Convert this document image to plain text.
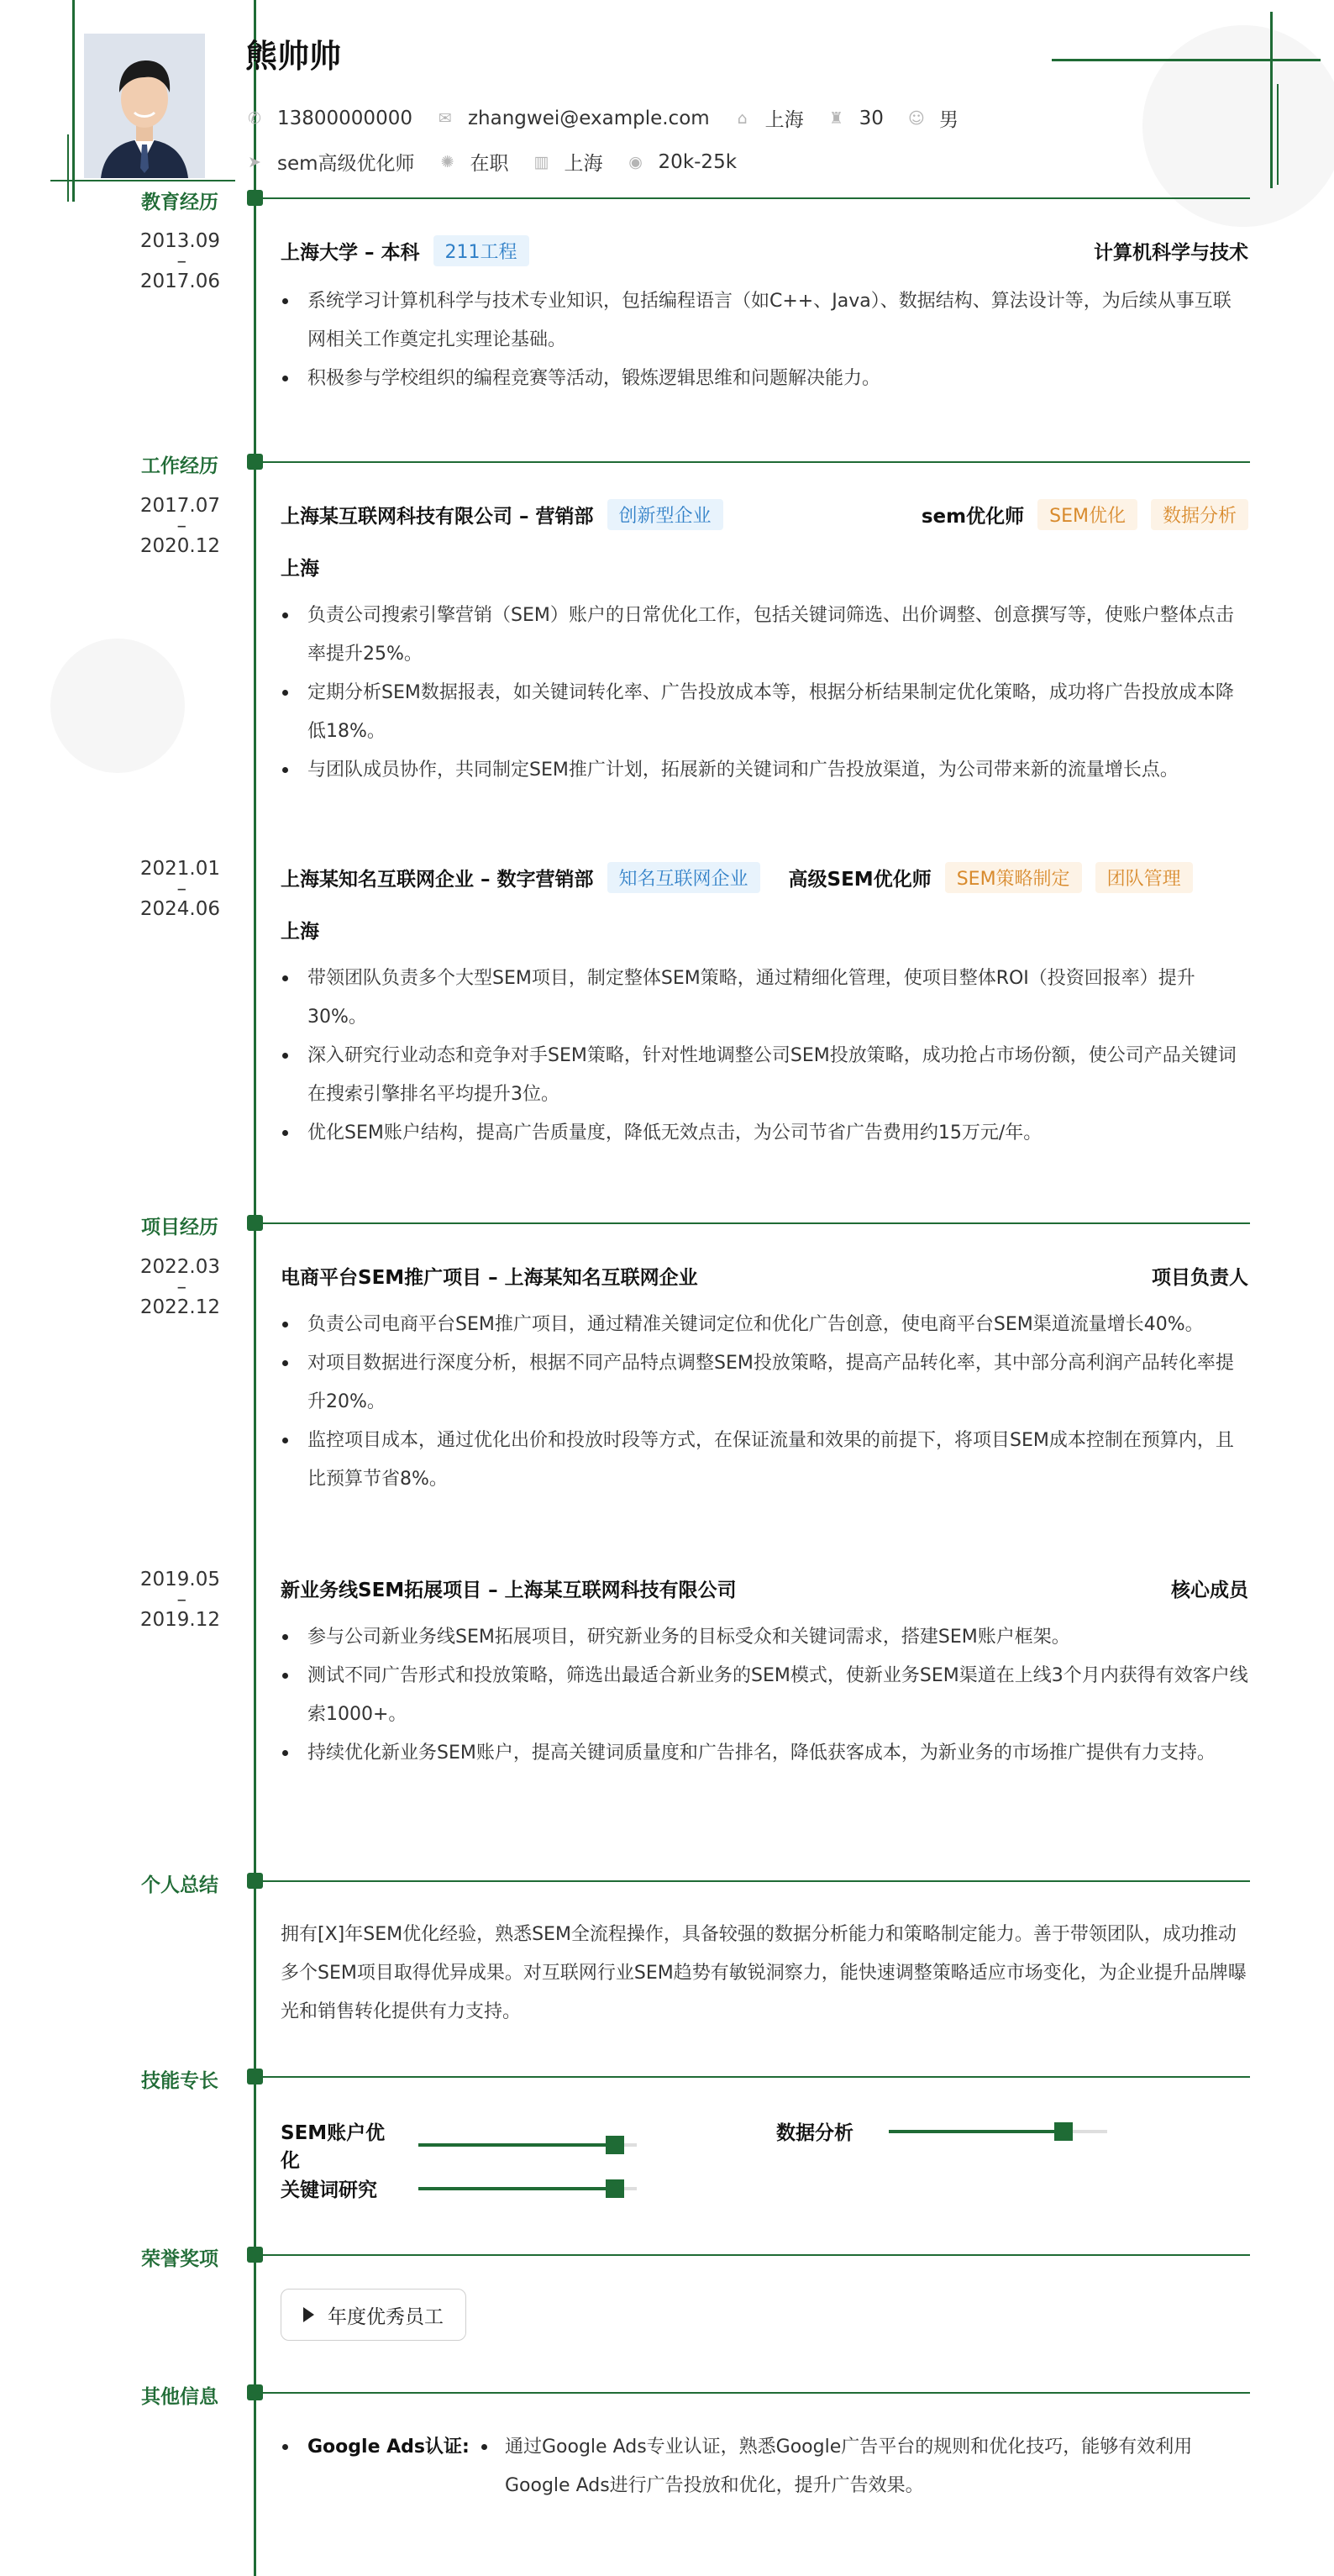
熊帅帅
✆ 13800000000 ✉ zhangwei@example.com ⌂ 上海 ♜ 30 ☺ 男
➤ sem高级优化师 ✺ 在职 ▥ 上海 ◉ 20k-25k
教育经历
2013.09
–
2017.06
上海大学 – 本科	211工程	计算机科学与技术
系统学习计算机科学与技术专业知识，包括编程语言（如C++、Java）、数据结构、算法设计等，为后续从事互联网相关工作奠定扎实理论基础。
积极参与学校组织的编程竞赛等活动，锻炼逻辑思维和问题解决能力。
工作经历
2017.07
–
2020.12
上海某互联网科技有限公司 – 营销部	创新型企业	sem优化师	SEM优化	数据分析
上海
负责公司搜索引擎营销（SEM）账户的日常优化工作，包括关键词筛选、出价调整、创意撰写等，使账户整体点击率提升25%。
定期分析SEM数据报表，如关键词转化率、广告投放成本等，根据分析结果制定优化策略，成功将广告投放成本降低18%。
与团队成员协作，共同制定SEM推广计划，拓展新的关键词和广告投放渠道，为公司带来新的流量增长点。
2021.01
–
2024.06
上海某知名互联网企业 – 数字营销部	知名互联网企业	高级SEM优化师	SEM策略制定	团队管理
上海
带领团队负责多个大型SEM项目，制定整体SEM策略，通过精细化管理，使项目整体ROI（投资回报率）提升30%。
深入研究行业动态和竞争对手SEM策略，针对性地调整公司SEM投放策略，成功抢占市场份额，使公司产品关键词在搜索引擎排名平均提升3位。
优化SEM账户结构，提高广告质量度，降低无效点击，为公司节省广告费用约15万元/年。
项目经历
2022.03
–
2022.12
电商平台SEM推广项目 – 上海某知名互联网企业	项目负责人
负责公司电商平台SEM推广项目，通过精准关键词定位和优化广告创意，使电商平台SEM渠道流量增长40%。
对项目数据进行深度分析，根据不同产品特点调整SEM投放策略，提高产品转化率，其中部分高利润产品转化率提升20%。
监控项目成本，通过优化出价和投放时段等方式，在保证流量和效果的前提下，将项目SEM成本控制在预算内，且比预算节省8%。
2019.05
–
2019.12
新业务线SEM拓展项目 – 上海某互联网科技有限公司	核心成员
参与公司新业务线SEM拓展项目，研究新业务的目标受众和关键词需求，搭建SEM账户框架。
测试不同广告形式和投放策略，筛选出最适合新业务的SEM模式，使新业务SEM渠道在上线3个月内获得有效客户线索1000+。
持续优化新业务SEM账户，提高关键词质量度和广告排名，降低获客成本，为新业务的市场推广提供有力支持。
个人总结
拥有[X]年SEM优化经验，熟悉SEM全流程操作，具备较强的数据分析能力和策略制定能力。善于带领团队，成功推动多个SEM项目取得优异成果。对互联网行业SEM趋势有敏锐洞察力，能快速调整策略适应市场变化，为企业提升品牌曝光和销售转化提供有力支持。
技能专长
SEM账户优化
数据分析
关键词研究
荣誉奖项
年度优秀员工
其他信息
Google Ads认证:	通过Google Ads专业认证，熟悉Google广告平台的规则和优化技巧，能够有效利用Google Ads进行广告投放和优化，提升广告效果。
